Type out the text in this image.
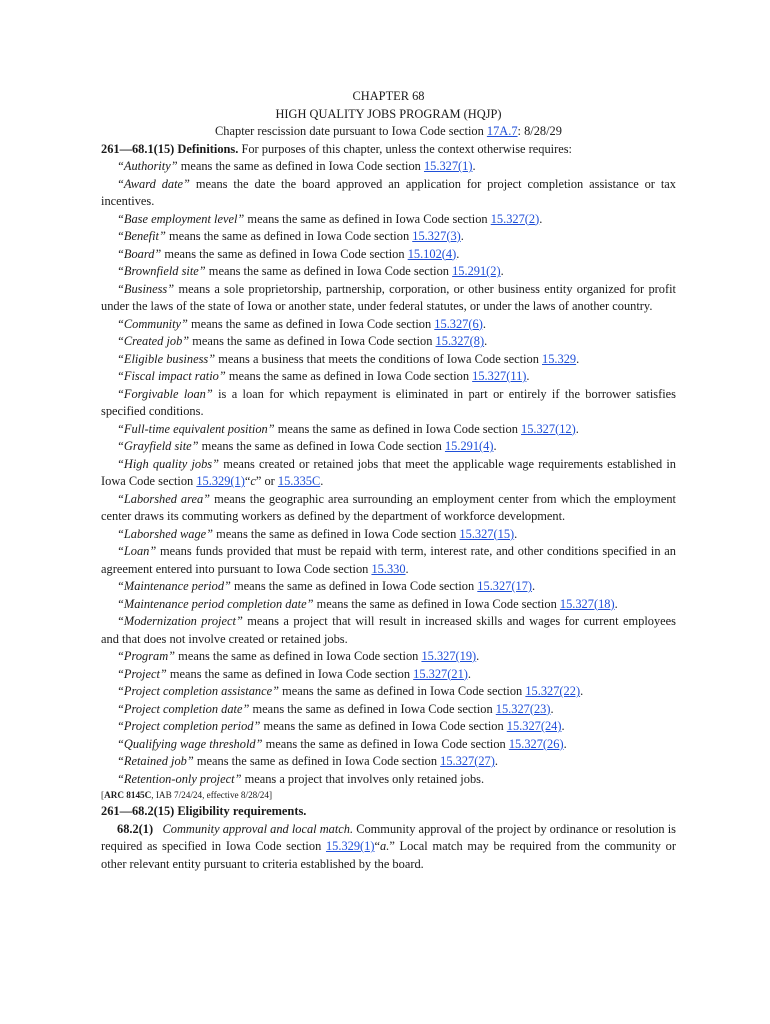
CHAPTER 68
HIGH QUALITY JOBS PROGRAM (HQJP)
Chapter rescission date pursuant to Iowa Code section 17A.7: 8/28/29
261—68.1(15) Definitions. For purposes of this chapter, unless the context otherwise requires:
“Authority” means the same as defined in Iowa Code section 15.327(1).
“Award date” means the date the board approved an application for project completion assistance or tax incentives.
“Base employment level” means the same as defined in Iowa Code section 15.327(2).
“Benefit” means the same as defined in Iowa Code section 15.327(3).
“Board” means the same as defined in Iowa Code section 15.102(4).
“Brownfield site” means the same as defined in Iowa Code section 15.291(2).
“Business” means a sole proprietorship, partnership, corporation, or other business entity organized for profit under the laws of the state of Iowa or another state, under federal statutes, or under the laws of another country.
“Community” means the same as defined in Iowa Code section 15.327(6).
“Created job” means the same as defined in Iowa Code section 15.327(8).
“Eligible business” means a business that meets the conditions of Iowa Code section 15.329.
“Fiscal impact ratio” means the same as defined in Iowa Code section 15.327(11).
“Forgivable loan” is a loan for which repayment is eliminated in part or entirely if the borrower satisfies specified conditions.
“Full-time equivalent position” means the same as defined in Iowa Code section 15.327(12).
“Grayfield site” means the same as defined in Iowa Code section 15.291(4).
“High quality jobs” means created or retained jobs that meet the applicable wage requirements established in Iowa Code section 15.329(1)“c” or 15.335C.
“Laborshed area” means the geographic area surrounding an employment center from which the employment center draws its commuting workers as defined by the department of workforce development.
“Laborshed wage” means the same as defined in Iowa Code section 15.327(15).
“Loan” means funds provided that must be repaid with term, interest rate, and other conditions specified in an agreement entered into pursuant to Iowa Code section 15.330.
“Maintenance period” means the same as defined in Iowa Code section 15.327(17).
“Maintenance period completion date” means the same as defined in Iowa Code section 15.327(18).
“Modernization project” means a project that will result in increased skills and wages for current employees and that does not involve created or retained jobs.
“Program” means the same as defined in Iowa Code section 15.327(19).
“Project” means the same as defined in Iowa Code section 15.327(21).
“Project completion assistance” means the same as defined in Iowa Code section 15.327(22).
“Project completion date” means the same as defined in Iowa Code section 15.327(23).
“Project completion period” means the same as defined in Iowa Code section 15.327(24).
“Qualifying wage threshold” means the same as defined in Iowa Code section 15.327(26).
“Retained job” means the same as defined in Iowa Code section 15.327(27).
“Retention-only project” means a project that involves only retained jobs.
[ARC 8145C, IAB 7/24/24, effective 8/28/24]
261—68.2(15) Eligibility requirements.
68.2(1) Community approval and local match. Community approval of the project by ordinance or resolution is required as specified in Iowa Code section 15.329(1)“a.” Local match may be required from the community or other relevant entity pursuant to criteria established by the board.
